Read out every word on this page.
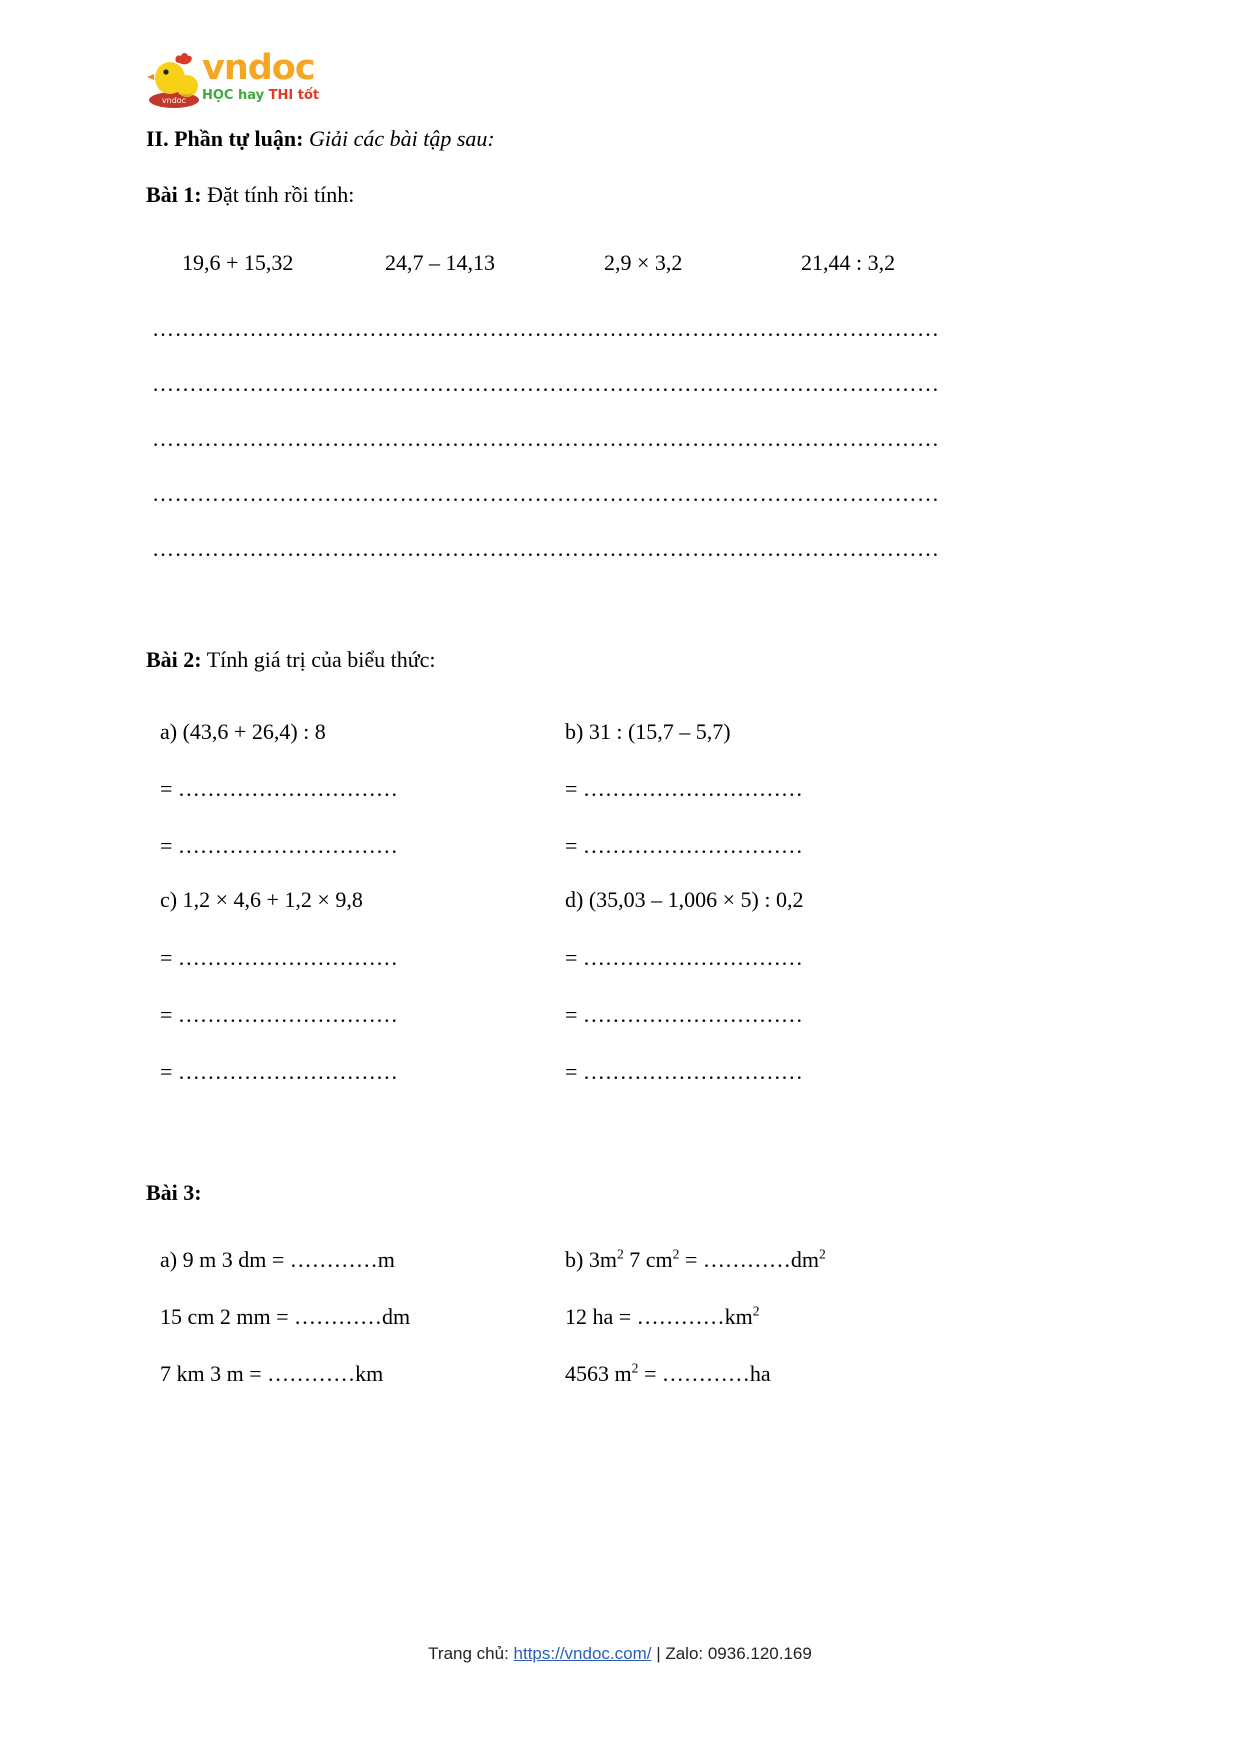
vndoc
vndoc
HỌC hay THI tốt
II. Phần tự luận: Giải các bài tập sau:
Bài 1: Đặt tính rồi tính:
19,6 + 15,32	24,7 – 14,13	2,9 × 3,2	21,44 : 3,2
……………………………………………………………………………………………
……………………………………………………………………………………………
……………………………………………………………………………………………
……………………………………………………………………………………………
……………………………………………………………………………………………
Bài 2: Tính giá trị của biểu thức:
a) (43,6 + 26,4) : 8
= …………………………
= …………………………
b) 31 : (15,7 – 5,7)
= …………………………
= …………………………
c) 1,2 × 4,6 + 1,2 × 9,8
= …………………………
= …………………………
= …………………………
d) (35,03 – 1,006 × 5) : 0,2
= …………………………
= …………………………
= …………………………
Bài 3:
a) 9 m 3 dm = …………m
15 cm 2 mm = …………dm
7 km 3 m = …………km
b) $3m^2$ 7 $cm^2$ = $\dots\dots\dots\dots dm^2$
12 ha = $\dots\dots\dots\dots km^2$
4563 $m^2$ = …………ha
Trang chủ: https://vndoc.com/ | Zalo: 0936.120.169
